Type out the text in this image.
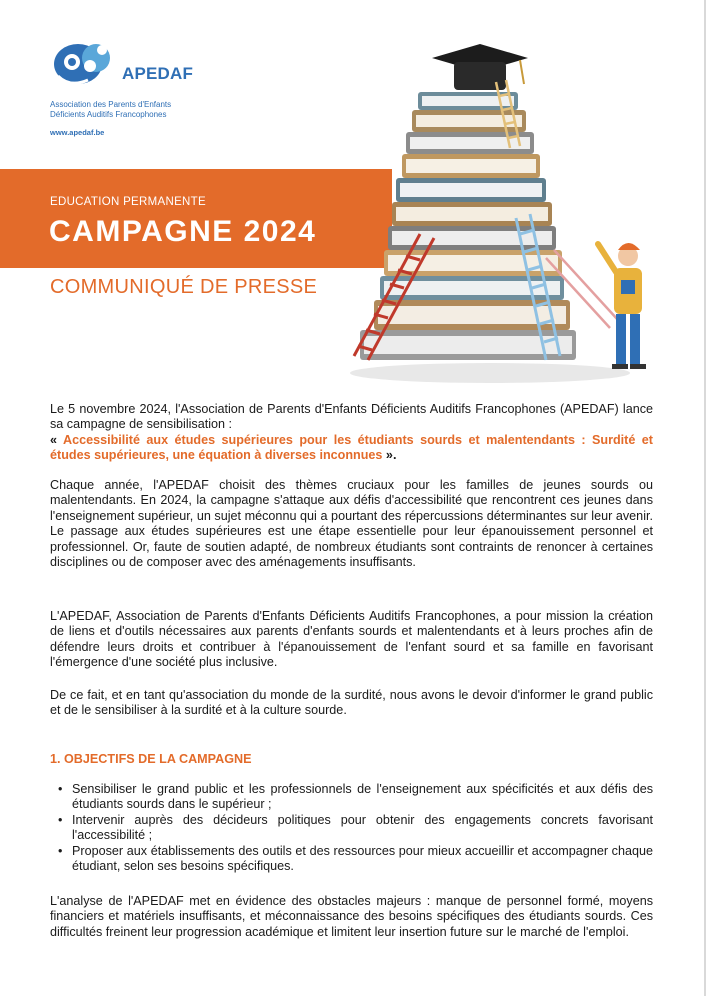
APEDAF
Association des Parents d'Enfants
Déficients Auditifs Francophones
www.apedaf.be
EDUCATION PERMANENTE
CAMPAGNE 2024
COMMUNIQUÉ DE PRESSE

Le 5 novembre 2024, l'Association de Parents d'Enfants Déficients Auditifs Francophones (APEDAF) lance sa campagne de sensibilisation :
« Accessibilité aux études supérieures pour les étudiants sourds et malentendants : Surdité et études supérieures, une équation à diverses inconnues ».

Chaque année, l'APEDAF choisit des thèmes cruciaux pour les familles de jeunes sourds ou malentendants. En 2024, la campagne s'attaque aux défis d'accessibilité que rencontrent ces jeunes dans l'enseignement supérieur, un sujet méconnu qui a pourtant des répercussions déterminantes sur leur avenir. Le passage aux études supérieures est une étape essentielle pour leur épanouissement personnel et professionnel. Or, faute de soutien adapté, de nombreux étudiants sont contraints de renoncer à certaines disciplines ou de composer avec des aménagements insuffisants.

L'APEDAF, Association de Parents d'Enfants Déficients Auditifs Francophones, a pour mission la création de liens et d'outils nécessaires aux parents d'enfants sourds et malentendants et à leurs proches afin de défendre leurs droits et contribuer à l'épanouissement de l'enfant sourd et sa famille en favorisant l'émergence d'une société plus inclusive.

De ce fait, et en tant qu'association du monde de la surdité, nous avons le devoir d'informer le grand public et de le sensibiliser à la surdité et à la culture sourde.

1. OBJECTIFS DE LA CAMPAGNE
• Sensibiliser le grand public et les professionnels de l'enseignement aux spécificités et aux défis des étudiants sourds dans le supérieur ;
• Intervenir auprès des décideurs politiques pour obtenir des engagements concrets favorisant l'accessibilité ;
• Proposer aux établissements des outils et des ressources pour mieux accueillir et accompagner chaque étudiant, selon ses besoins spécifiques.

L'analyse de l'APEDAF met en évidence des obstacles majeurs : manque de personnel formé, moyens financiers et matériels insuffisants, et méconnaissance des besoins spécifiques des étudiants sourds. Ces difficultés freinent leur progression académique et limitent leur insertion future sur le marché de l'emploi.
